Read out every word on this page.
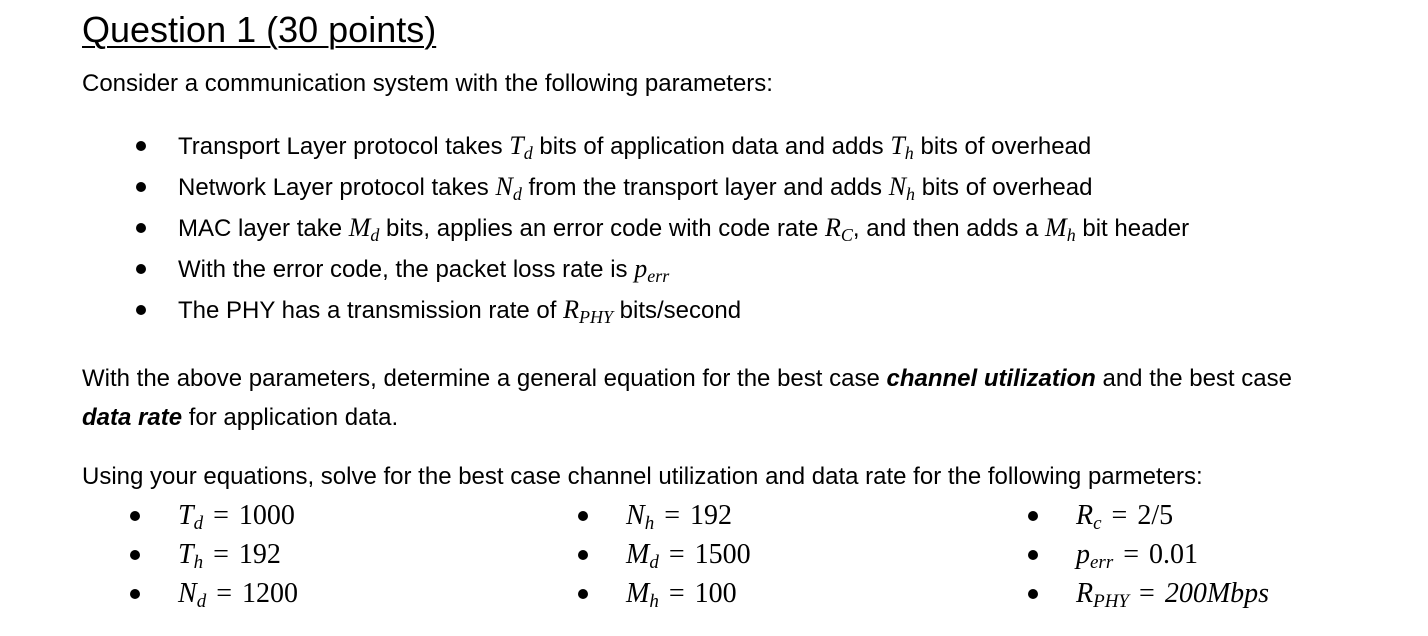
Question 1 (30 points)

Consider a communication system with the following parameters:

Transport Layer protocol takes $T_d$ bits of application data and adds $T_h$ bits of overhead
Network Layer protocol takes $N_d$ from the transport layer and adds $N_h$ bits of overhead
MAC layer take $M_d$ bits, applies an error code with code rate $R_C$, and then adds a $M_h$ bit header
With the error code, the packet loss rate is $p_{err}$
The PHY has a transmission rate of $R_{PHY}$ bits/second

With the above parameters, determine a general equation for the best case channel utilization and the best case data rate for application data.

Using your equations, solve for the best case channel utilization and data rate for the following parmeters:

$T_d = 1000$
$T_h = 192$
$N_d = 1200$
$N_h = 192$
$M_d = 1500$
$M_h = 100$
$R_c = 2/5$
$p_{err} = 0.01$
$R_{PHY}$ = 200Mbps
